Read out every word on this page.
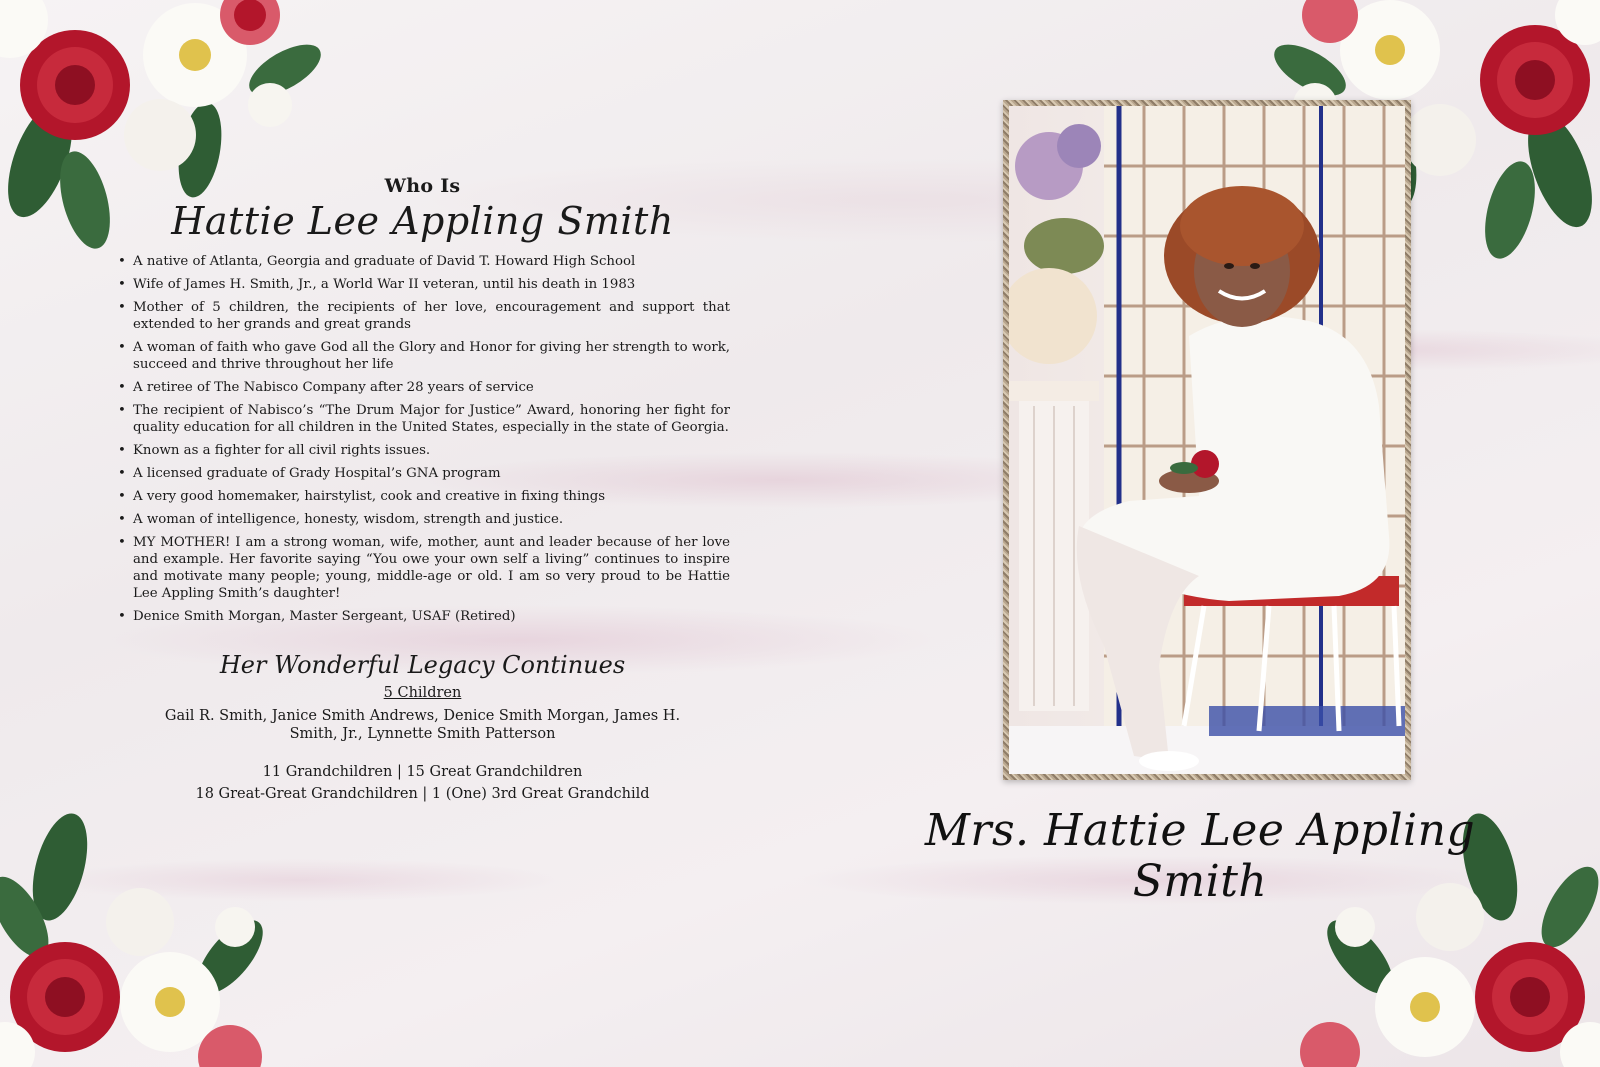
Who Is

Hattie Lee Appling Smith

• A native of Atlanta, Georgia and graduate of David T. Howard High School
• Wife of James H. Smith, Jr., a World War II veteran, until his death in 1983
• Mother of 5 children, the recipients of her love, encouragement and support that extended to her grands and great grands
• A woman of faith who gave God all the Glory and Honor for giving her strength to work, succeed and thrive throughout her life
• A retiree of The Nabisco Company after 28 years of service
• The recipient of Nabisco’s “The Drum Major for Justice” Award, honoring her fight for quality education for all children in the United States, especially in the state of Georgia.
• Known as a fighter for all civil rights issues.
• A licensed graduate of Grady Hospital’s GNA program
• A very good homemaker, hairstylist, cook and creative in fixing things
• A woman of intelligence, honesty, wisdom, strength and justice.
• MY MOTHER! I am a strong woman, wife, mother, aunt and leader because of her love and example. Her favorite saying “You owe your own self a living” continues to inspire and motivate many people; young, middle-age or old. I am so very proud to be Hattie Lee Appling Smith’s daughter!
• Denice Smith Morgan, Master Sergeant, USAF (Retired)

Her Wonderful Legacy Continues

5 Children

Gail R. Smith, Janice Smith Andrews, Denice Smith Morgan, James H. Smith, Jr., Lynnette Smith Patterson

11 Grandchildren | 15 Great Grandchildren

18 Great-Great Grandchildren | 1 (One) 3rd Great Grandchild

Mrs. Hattie Lee Appling Smith
